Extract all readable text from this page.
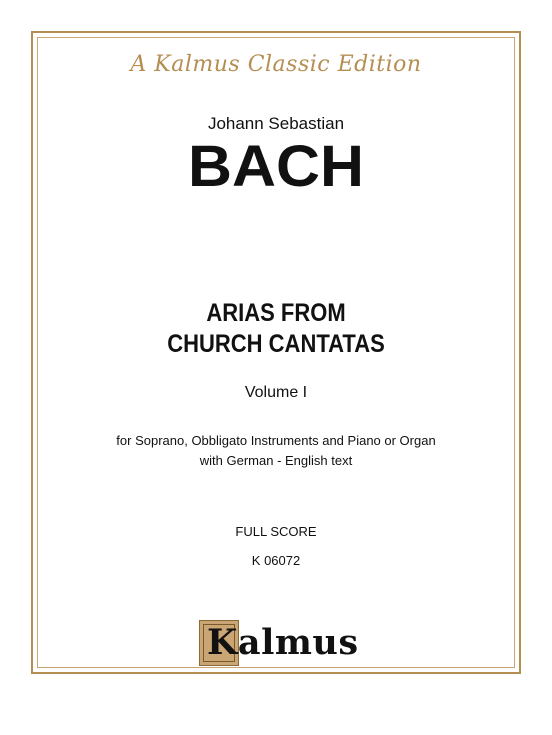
A Kalmus Classic Edition
Johann Sebastian
BACH
ARIAS FROM
CHURCH CANTATAS
Volume I
for Soprano, Obbligato Instruments and Piano or Organ
with German - English text
FULL SCORE
K 06072
Kalmus
